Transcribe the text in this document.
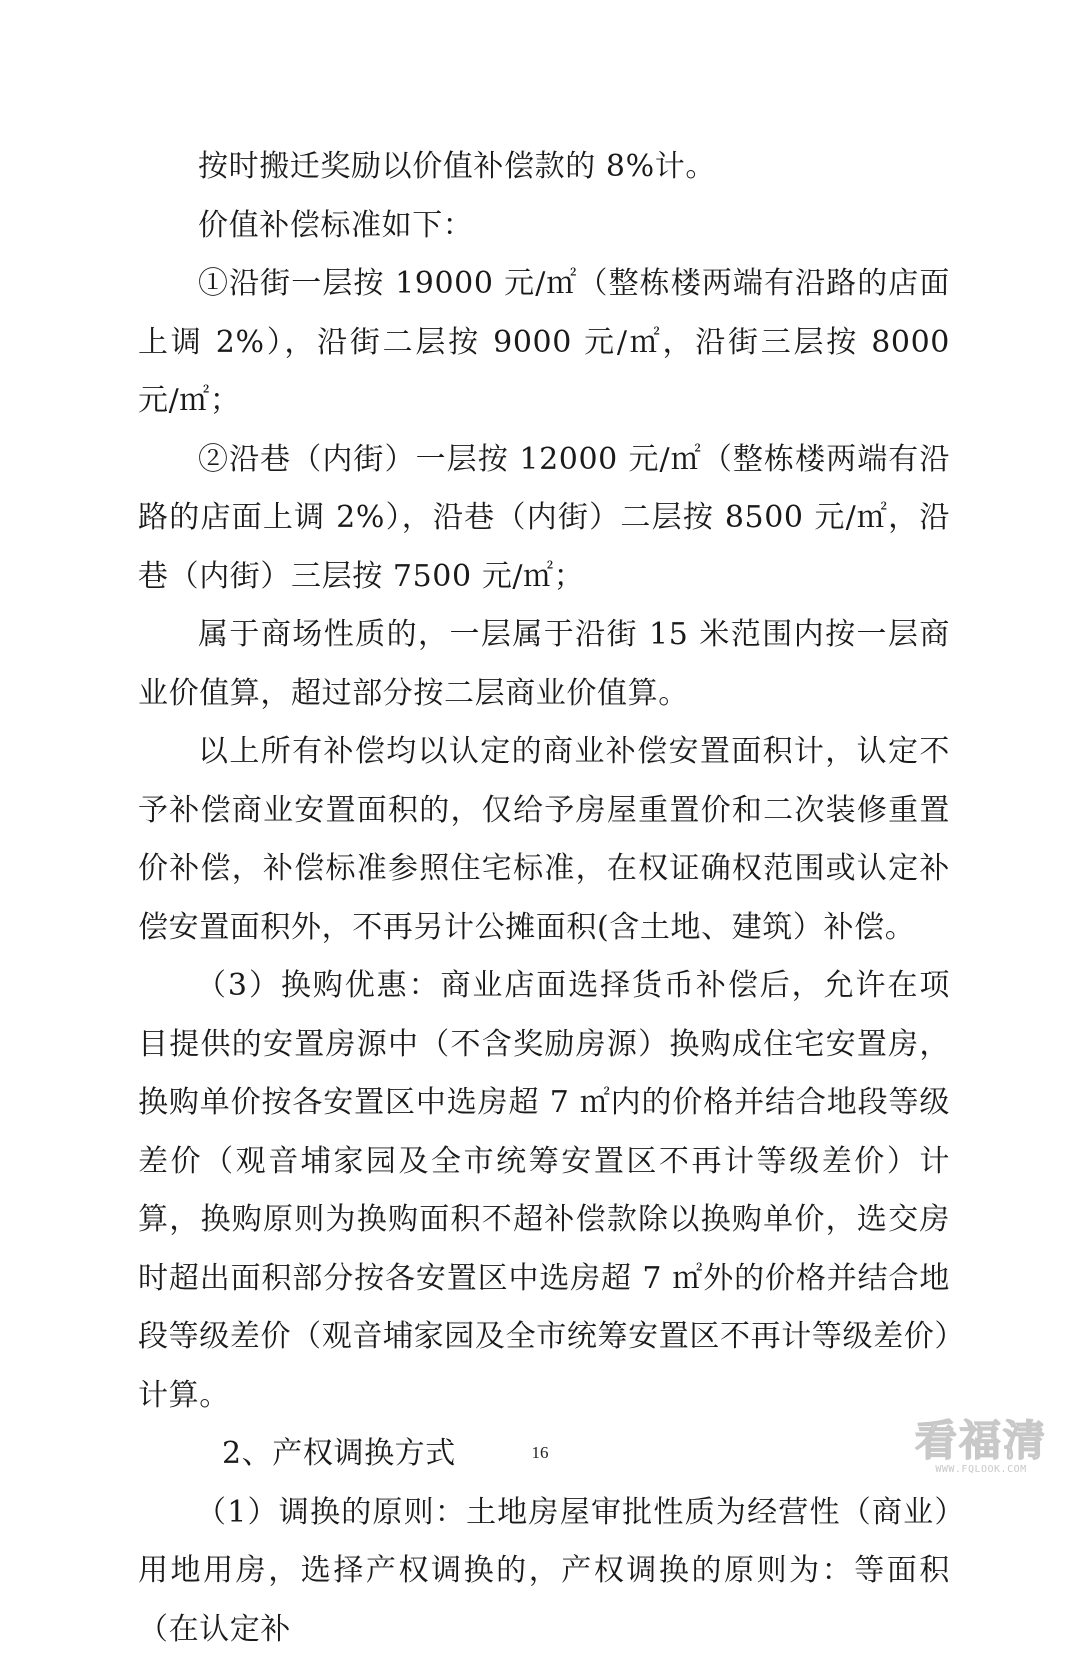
按时搬迁奖励以价值补偿款的 8%计。

价值补偿标准如下：

①沿街一层按 19000 元/㎡（整栋楼两端有沿路的店面上调 2%），沿街二层按 9000 元/㎡，沿街三层按 8000 元/㎡；

②沿巷（内街）一层按 12000 元/㎡（整栋楼两端有沿路的店面上调 2%），沿巷（内街）二层按 8500 元/㎡，沿巷（内街）三层按 7500 元/㎡；

属于商场性质的，一层属于沿街 15 米范围内按一层商业价值算，超过部分按二层商业价值算。

以上所有补偿均以认定的商业补偿安置面积计，认定不予补偿商业安置面积的，仅给予房屋重置价和二次装修重置价补偿，补偿标准参照住宅标准，在权证确权范围或认定补偿安置面积外，不再另计公摊面积(含土地、建筑）补偿。

（3）换购优惠：商业店面选择货币补偿后，允许在项目提供的安置房源中（不含奖励房源）换购成住宅安置房，换购单价按各安置区中选房超 7 ㎡内的价格并结合地段等级差价（观音埔家园及全市统筹安置区不再计等级差价）计算，换购原则为换购面积不超补偿款除以换购单价，选交房时超出面积部分按各安置区中选房超 7 ㎡外的价格并结合地段等级差价（观音埔家园及全市统筹安置区不再计等级差价）计算。

2、产权调换方式

（1）调换的原则：土地房屋审批性质为经营性（商业）用地用房，选择产权调换的，产权调换的原则为：等面积（在认定补

16	看福清
WWW.FQLOOK.COM
